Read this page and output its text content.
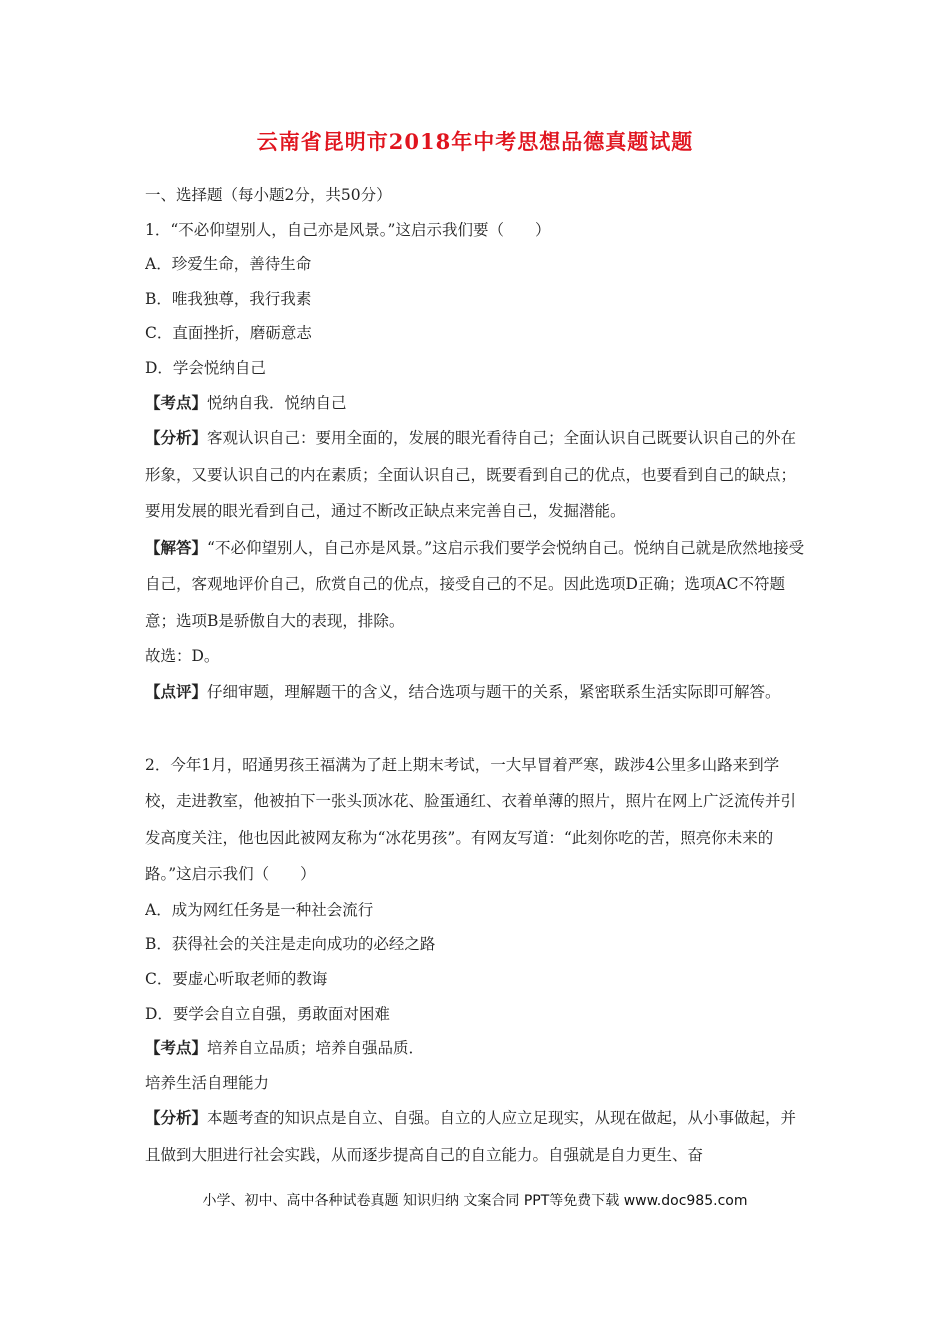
云南省昆明市2018年中考思想品德真题试题
一、选择题（每小题2分，共50分）
1．“不必仰望别人，自己亦是风景。”这启示我们要（　　）
A．珍爱生命，善待生命
B．唯我独尊，我行我素
C．直面挫折，磨砺意志
D．学会悦纳自己
【考点】悦纳自我．悦纳自己
【分析】客观认识自己：要用全面的，发展的眼光看待自己；全面认识自己既要认识自己的外在形象，又要认识自己的内在素质；全面认识自己，既要看到自己的优点，也要看到自己的缺点；要用发展的眼光看到自己，通过不断改正缺点来完善自己，发掘潜能。
【解答】“不必仰望别人，自己亦是风景。”这启示我们要学会悦纳自己。悦纳自己就是欣然地接受自己，客观地评价自己，欣赏自己的优点，接受自己的不足。因此选项D正确；选项AC不符题意；选项B是骄傲自大的表现，排除。
故选：D。
【点评】仔细审题，理解题干的含义，结合选项与题干的关系，紧密联系生活实际即可解答。
2．今年1月，昭通男孩王福满为了赶上期末考试，一大早冒着严寒，跋涉4公里多山路来到学校，走进教室，他被拍下一张头顶冰花、脸蛋通红、衣着单薄的照片，照片在网上广泛流传并引发高度关注，他也因此被网友称为“冰花男孩”。有网友写道：“此刻你吃的苦，照亮你未来的路。”这启示我们（　　）
A．成为网红任务是一种社会流行
B．获得社会的关注是走向成功的必经之路
C．要虚心听取老师的教诲
D．要学会自立自强，勇敢面对困难
【考点】培养自立品质；培养自强品质．
培养生活自理能力
【分析】本题考查的知识点是自立、自强。自立的人应立足现实，从现在做起，从小事做起，并且做到大胆进行社会实践，从而逐步提高自己的自立能力。自强就是自力更生、奋
小学、初中、高中各种试卷真题 知识归纳 文案合同 PPT等免费下载 www.doc985.com
